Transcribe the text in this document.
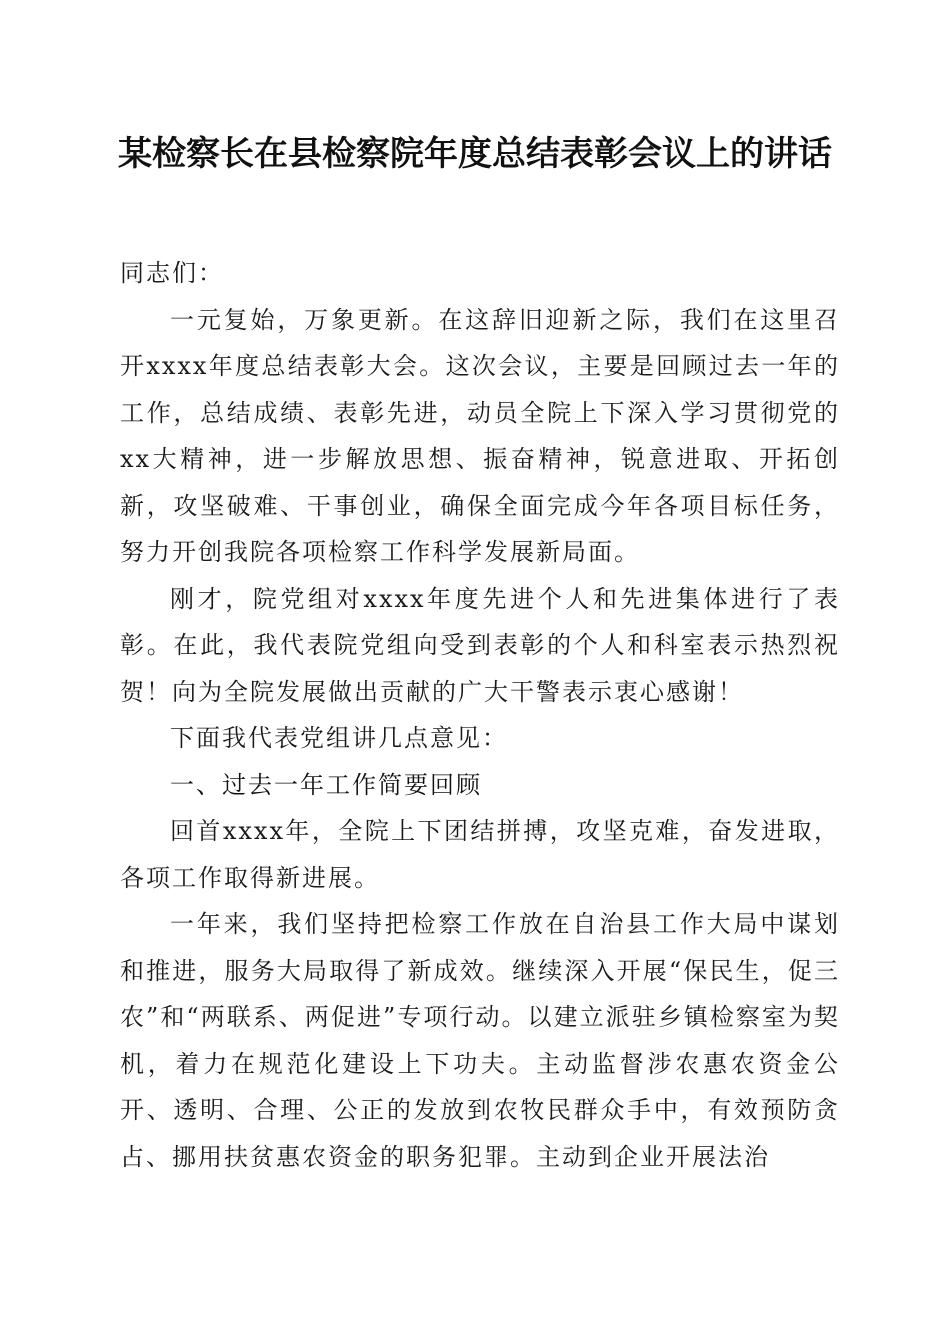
某检察长在县检察院年度总结表彰会议上的讲话

同志们：

一元复始，万象更新。在这辞旧迎新之际，我们在这里召开xxxx年度总结表彰大会。这次会议，主要是回顾过去一年的工作，总结成绩、表彰先进，动员全院上下深入学习贯彻党的xx大精神，进一步解放思想、振奋精神，锐意进取、开拓创新，攻坚破难、干事创业，确保全面完成今年各项目标任务，努力开创我院各项检察工作科学发展新局面。

刚才，院党组对xxxx年度先进个人和先进集体进行了表彰。在此，我代表院党组向受到表彰的个人和科室表示热烈祝贺！向为全院发展做出贡献的广大干警表示衷心感谢！

下面我代表党组讲几点意见：

一、过去一年工作简要回顾

回首xxxx年，全院上下团结拼搏，攻坚克难，奋发进取，各项工作取得新进展。

一年来，我们坚持把检察工作放在自治县工作大局中谋划和推进，服务大局取得了新成效。继续深入开展“保民生，促三农”和“两联系、两促进”专项行动。以建立派驻乡镇检察室为契机，着力在规范化建设上下功夫。主动监督涉农惠农资金公开、透明、合理、公正的发放到农牧民群众手中，有效预防贪占、挪用扶贫惠农资金的职务犯罪。主动到企业开展法治
